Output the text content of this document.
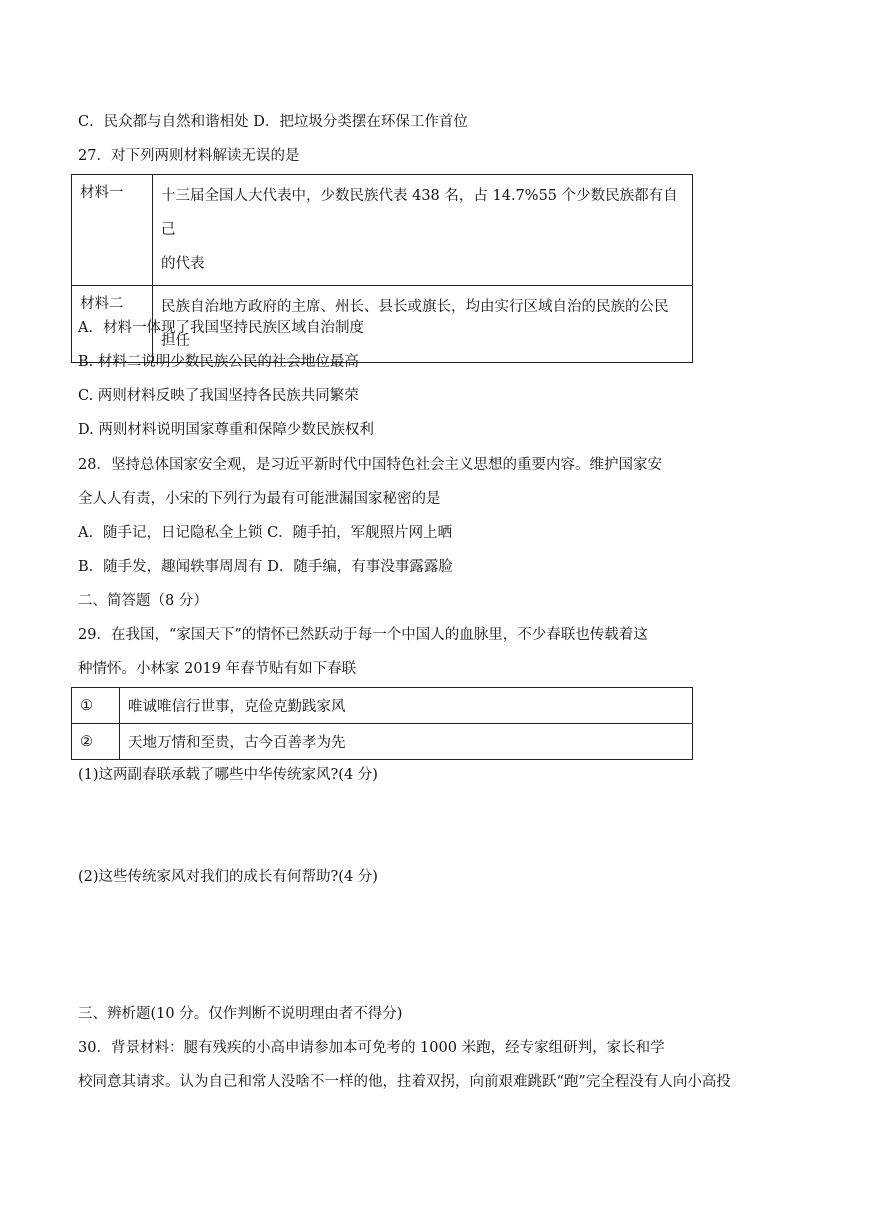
C．民众都与自然和谐相处 D．把垃圾分类摆在环保工作首位
27．对下列两则材料解读无误的是
材料一	十三届全国人大代表中，少数民族代表 438 名，占 14.7%55 个少数民族都有自己
的代表
材料二	民族自治地方政府的主席、州长、县长或旗长，均由实行区域自治的民族的公民
担任
A．材料一体现了我国坚持民族区域自治制度
B. 材料二说明少数民族公民的社会地位最高
C. 两则材料反映了我国坚持各民族共同繁荣
D. 两则材料说明国家尊重和保障少数民族权利
28．坚持总体国家安全观，是习近平新时代中国特色社会主义思想的重要内容。维护国家安
全人人有责，小宋的下列行为最有可能泄漏国家秘密的是
A．随手记，日记隐私全上锁 C．随手拍，军舰照片网上晒
B．随手发，趣闻轶事周周有 D．随手编，有事没事露露脸
二、简答题（8 分）
29．在我国，“家国天下”的情怀已然跃动于每一个中国人的血脉里，不少春联也传载着这
种情怀。小林家 2019 年春节贴有如下春联
①	唯诚唯信行世事，克俭克勤践家风
②	天地万情和至贵，古今百善孝为先
(1)这两副春联承载了哪些中华传统家风?(4 分)
(2)这些传统家风对我们的成长有何帮助?(4 分)
三、辨析题(10 分。仅作判断不说明理由者不得分)
30．背景材料：腿有残疾的小高申请参加本可免考的 1000 米跑，经专家组研判，家长和学
校同意其请求。认为自己和常人没啥不一样的他，拄着双拐，向前艰难跳跃“跑”完全程没有人向小高投
